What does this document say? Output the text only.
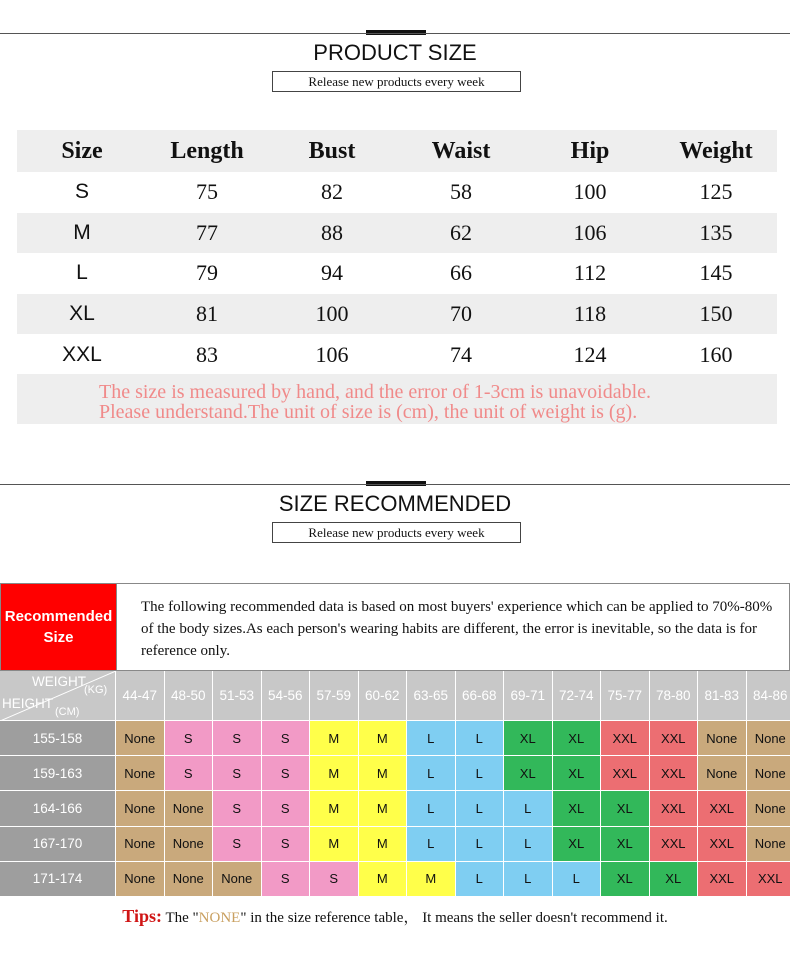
PRODUCT SIZE
Release new products every week
Size	Length	Bust	Waist	Hip	Weight
S	75	82	58	100	125
M	77	88	62	106	135
L	79	94	66	112	145
XL	81	100	70	118	150
XXL	83	106	74	124	160
The size is measured by hand, and the error of 1-3cm is unavoidable.
Please understand.The unit of size is (cm), the unit of weight is (g).
SIZE RECOMMENDED
Release new products every week
Recommended
Size
The following recommended data is based on most buyers' experience which can be applied to 70%-80% of the body sizes.As each person's wearing habits are different, the error is inevitable, so the data is for reference only.
WEIGHT
(KG)
HEIGHT
(CM)
44-47	48-50	51-53	54-56	57-59	60-62	63-65	66-68	69-71	72-74	75-77	78-80	81-83	84-86
155-158	None	S	S	S	M	M	L	L	XL	XL	XXL	XXL	None	None
159-163	None	S	S	S	M	M	L	L	XL	XL	XXL	XXL	None	None
164-166	None	None	S	S	M	M	L	L	L	XL	XL	XXL	XXL	None
167-170	None	None	S	S	M	M	L	L	L	XL	XL	XXL	XXL	None
171-174	None	None	None	S	S	M	M	L	L	L	XL	XL	XXL	XXL
Tips: The "NONE" in the size reference table， It means the seller doesn't recommend it.
